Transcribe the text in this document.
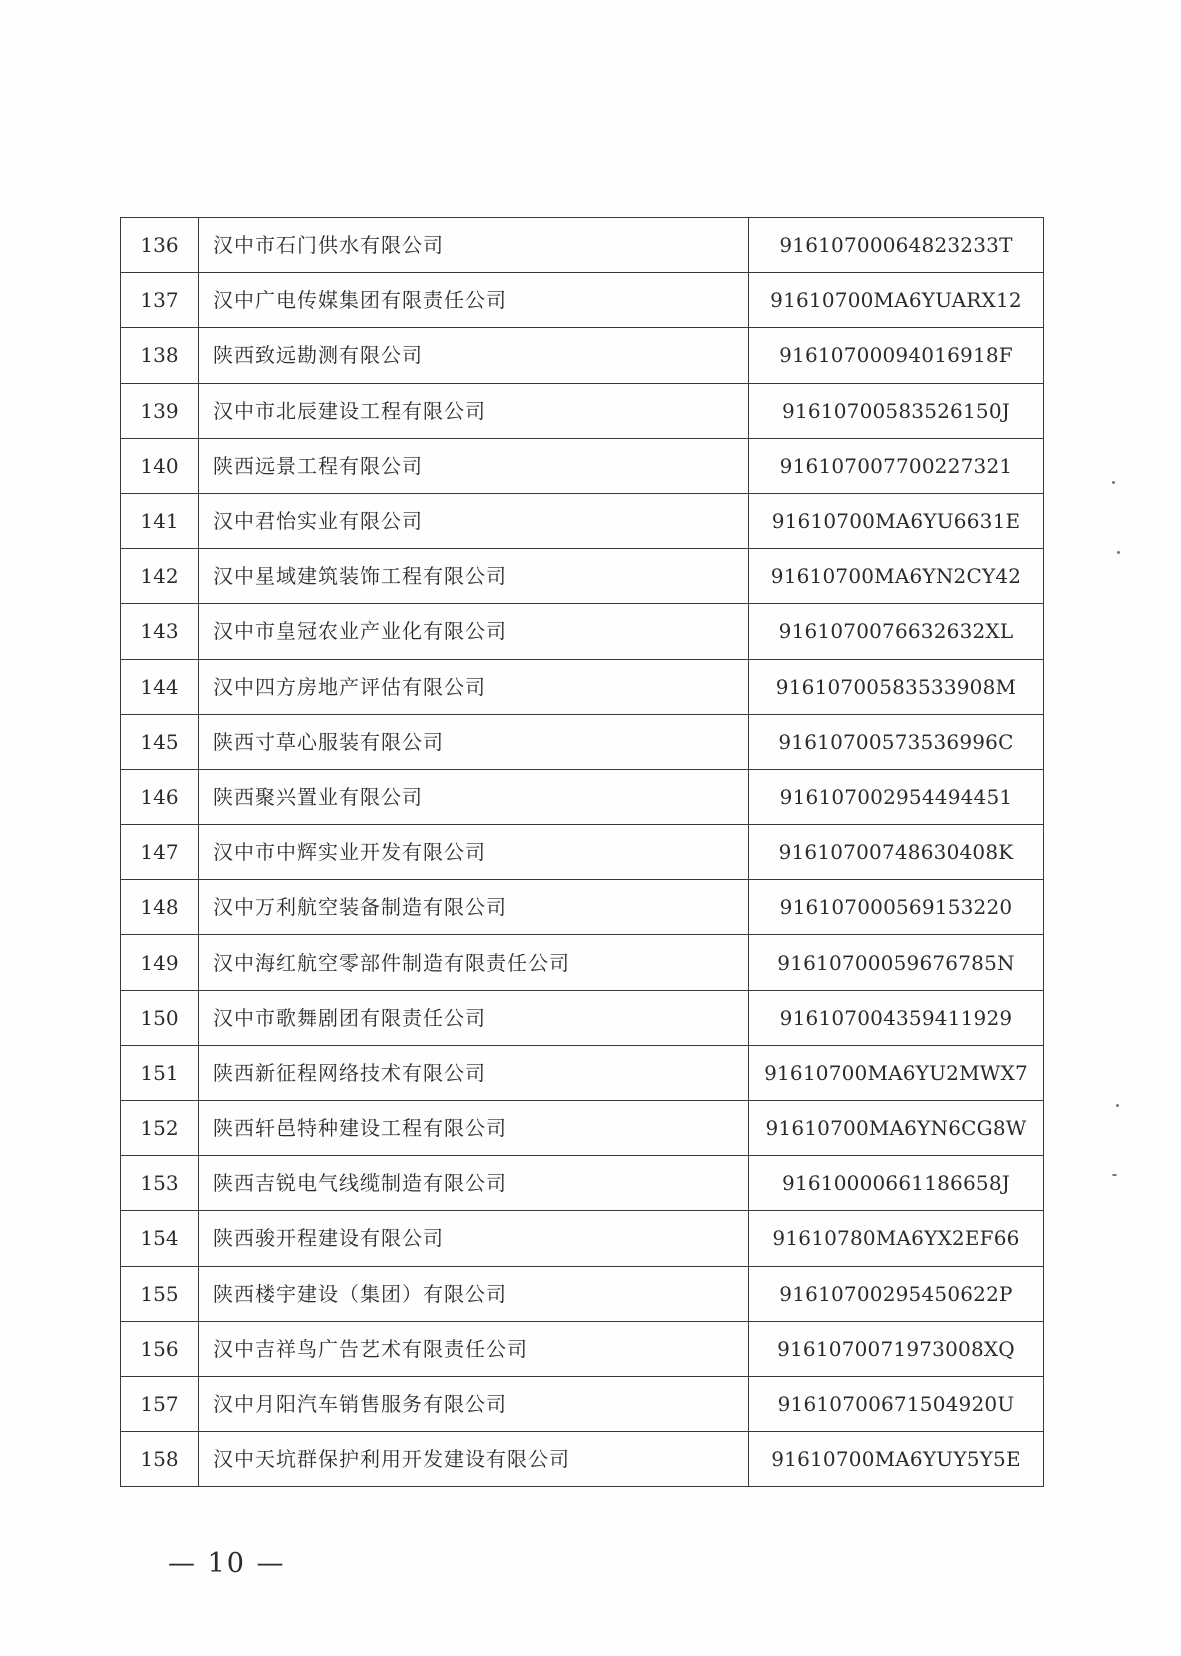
136	汉中市石门供水有限公司	91610700064823233T
137	汉中广电传媒集团有限责任公司	91610700MA6YUARX12
138	陕西致远勘测有限公司	91610700094016918F
139	汉中市北辰建设工程有限公司	91610700583526150J
140	陕西远景工程有限公司	916107007700227321
141	汉中君怡实业有限公司	91610700MA6YU6631E
142	汉中星域建筑装饰工程有限公司	91610700MA6YN2CY42
143	汉中市皇冠农业产业化有限公司	9161070076632632XL
144	汉中四方房地产评估有限公司	91610700583533908M
145	陕西寸草心服装有限公司	91610700573536996C
146	陕西聚兴置业有限公司	916107002954494451
147	汉中市中辉实业开发有限公司	91610700748630408K
148	汉中万利航空装备制造有限公司	916107000569153220
149	汉中海红航空零部件制造有限责任公司	91610700059676785N
150	汉中市歌舞剧团有限责任公司	916107004359411929
151	陕西新征程网络技术有限公司	91610700MA6YU2MWX7
152	陕西轩邑特种建设工程有限公司	91610700MA6YN6CG8W
153	陕西吉锐电气线缆制造有限公司	91610000661186658J
154	陕西骏开程建设有限公司	91610780MA6YX2EF66
155	陕西楼宇建设（集团）有限公司	91610700295450622P
156	汉中吉祥鸟广告艺术有限责任公司	9161070071973008XQ
157	汉中月阳汽车销售服务有限公司	91610700671504920U
158	汉中天坑群保护利用开发建设有限公司	91610700MA6YUY5Y5E
— 10 —
